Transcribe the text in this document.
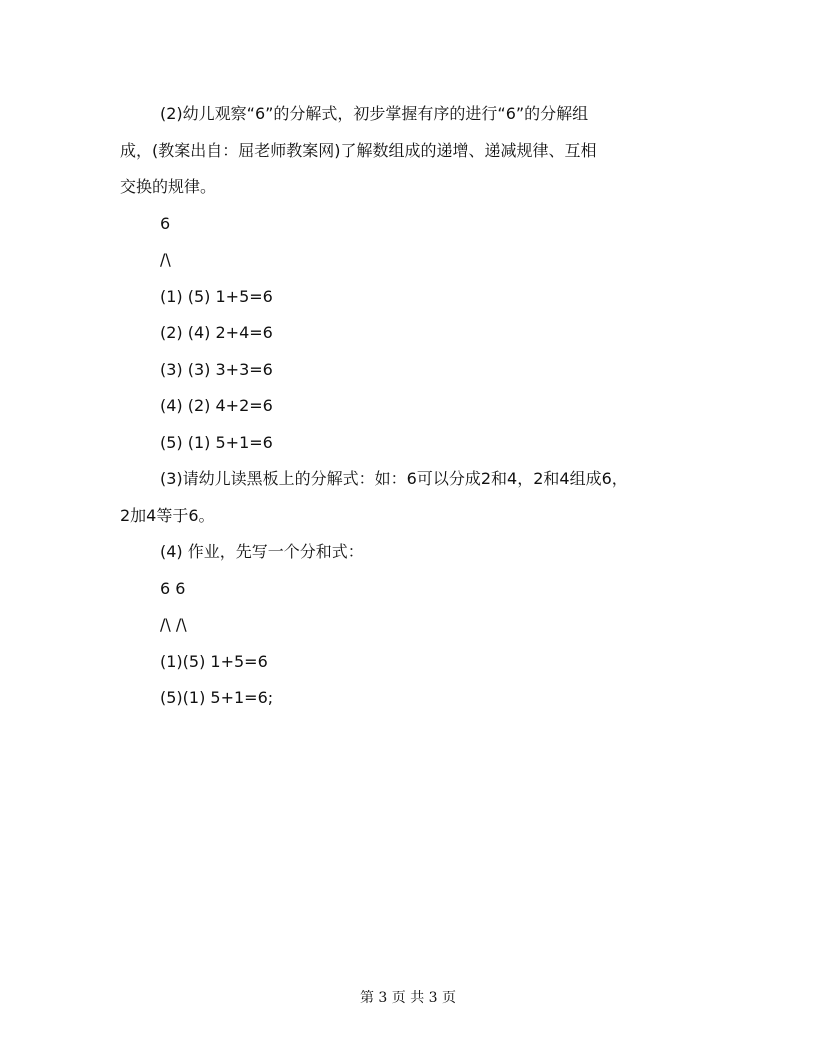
(2)幼儿观察“6”的分解式，初步掌握有序的进行“6”的分解组
成，(教案出自：屈老师教案网)了解数组成的递增、递减规律、互相
交换的规律。
6
/\
(1) (5) 1+5=6
(2) (4) 2+4=6
(3) (3) 3+3=6
(4) (2) 4+2=6
(5) (1) 5+1=6
(3)请幼儿读黑板上的分解式：如：6可以分成2和4，2和4组成6，
2加4等于6。
(4) 作业，先写一个分和式：
6 6
/\ /\
(1)(5) 1+5=6
(5)(1) 5+1=6;
第 3 页 共 3 页
